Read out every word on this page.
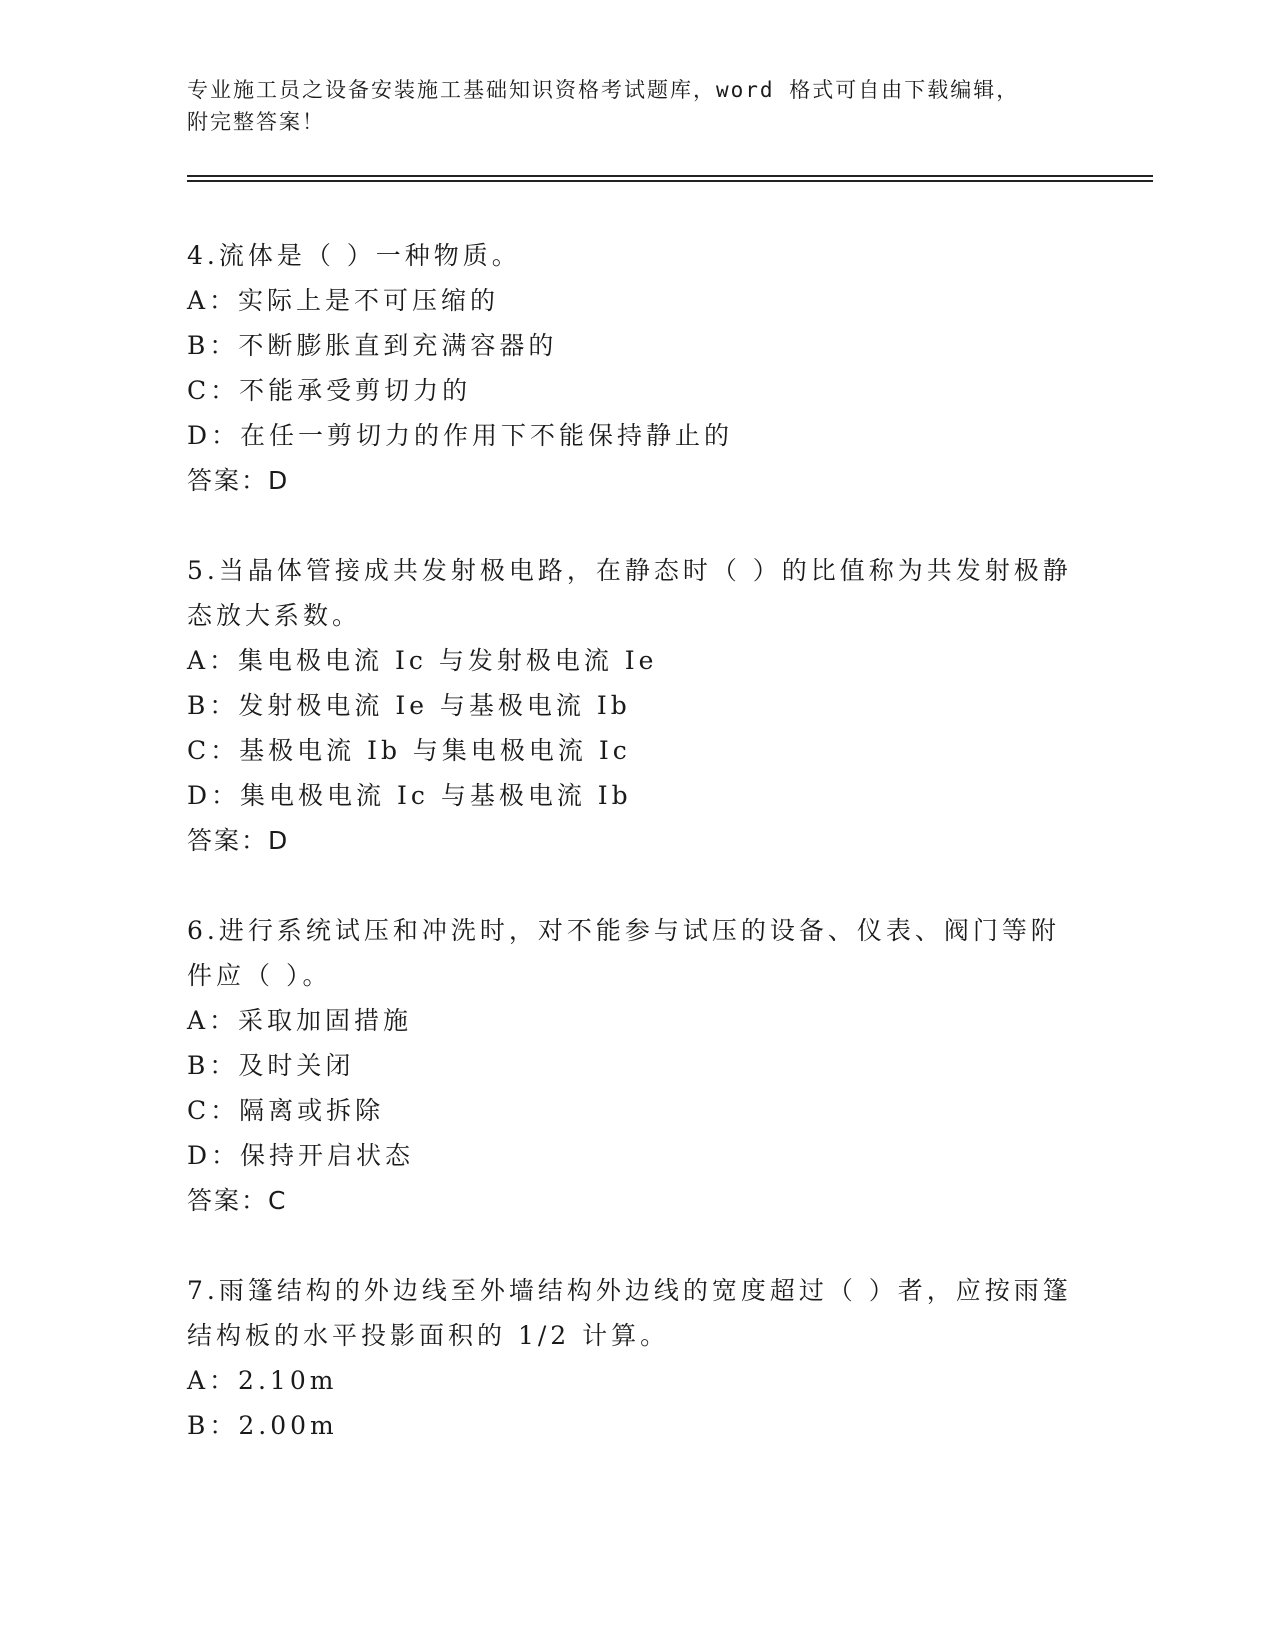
专业施工员之设备安装施工基础知识资格考试题库，word 格式可自由下载编辑，
附完整答案！

4.流体是（ ）一种物质。

A：实际上是不可压缩的

B：不断膨胀直到充满容器的

C：不能承受剪切力的

D：在任一剪切力的作用下不能保持静止的

答案：D

5.当晶体管接成共发射极电路，在静态时（ ）的比值称为共发射极静

态放大系数。

A：集电极电流 Ic 与发射极电流 Ie

B：发射极电流 Ie 与基极电流 Ib

C：基极电流 Ib 与集电极电流 Ic

D：集电极电流 Ic 与基极电流 Ib

答案：D

6.进行系统试压和冲洗时，对不能参与试压的设备、仪表、阀门等附

件应（ ）。

A：采取加固措施

B：及时关闭

C：隔离或拆除

D：保持开启状态

答案：C

7.雨篷结构的外边线至外墙结构外边线的宽度超过（ ）者，应按雨篷

结构板的水平投影面积的 1/2 计算。

A：2.10m

B：2.00m
